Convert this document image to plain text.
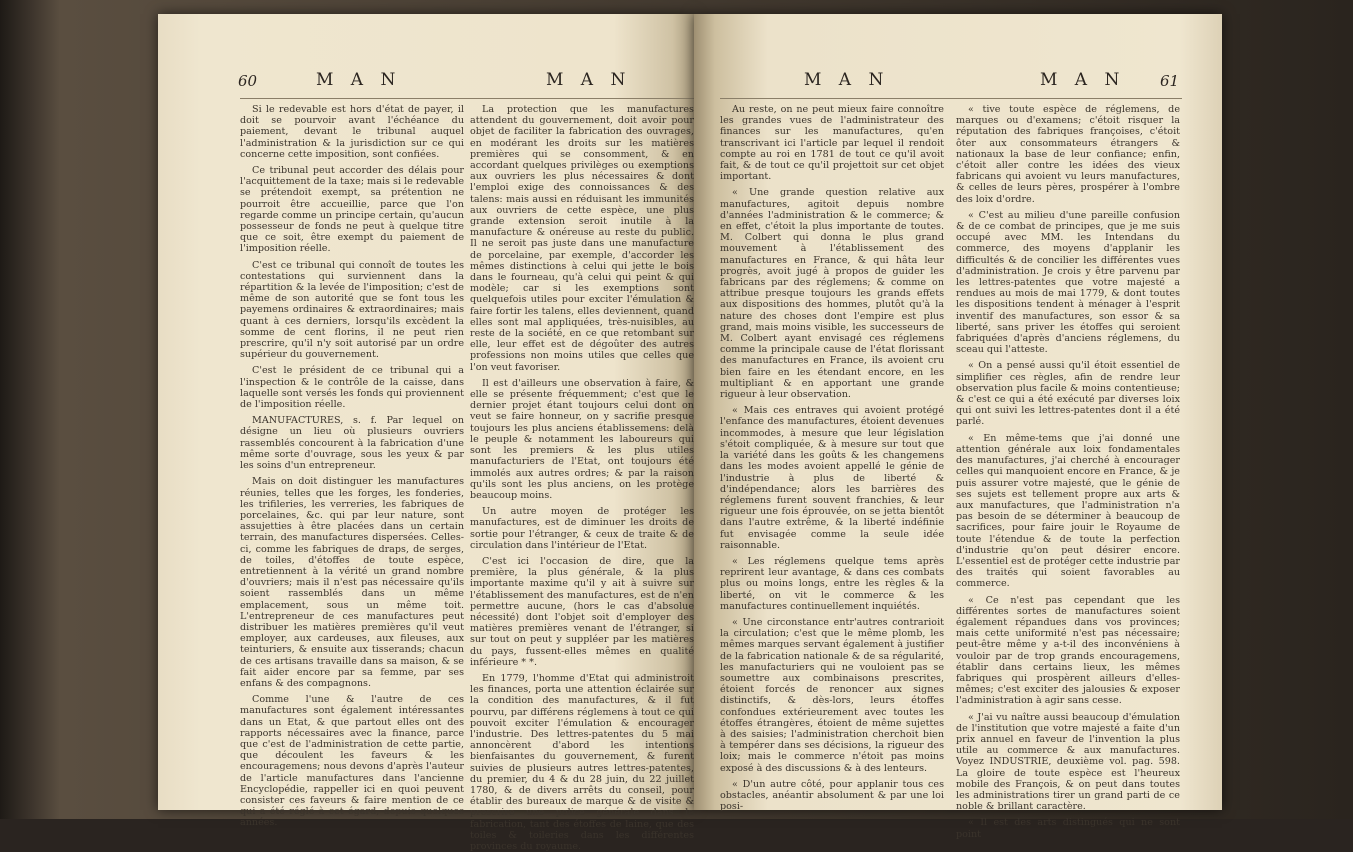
60	M A N	M A N

Si le redevable est hors d'état de payer, il doit se pourvoir avant l'échéance du paiement, devant le tribunal auquel l'administration & la jurisdiction sur ce qui concerne cette imposition, sont confiées.

Ce tribunal peut accorder des délais pour l'acquittement de la taxe; mais si le redevable se prétendoit exempt, sa prétention ne pourroit être accueillie, parce que l'on regarde comme un principe certain, qu'aucun possesseur de fonds ne peut à quelque titre que ce soit, être exempt du paiement de l'imposition réelle.

C'est ce tribunal qui connoît de toutes les contestations qui surviennent dans la répartition & la levée de l'imposition; c'est de même de son autorité que se font tous les payemens ordinaires & extraordinaires; mais quant à ces derniers, lorsqu'ils excèdent la somme de cent florins, il ne peut rien prescrire, qu'il n'y soit autorisé par un ordre supérieur du gouvernement.

C'est le président de ce tribunal qui a l'inspection & le contrôle de la caisse, dans laquelle sont versés les fonds qui proviennent de l'imposition réelle.

MANUFACTURES, s. f. Par lequel on désigne un lieu où plusieurs ouvriers rassemblés concourent à la fabrication d'une même sorte d'ouvrage, sous les yeux & par les soins d'un entrepreneur.

Mais on doit distinguer les manufactures réunies, telles que les forges, les fonderies, les trifileries, les verreries, les fabriques de porcelaines, &c. qui par leur nature, sont assujetties à être placées dans un certain terrain, des manufactures dispersées. Celles-ci, comme les fabriques de draps, de serges, de toiles, d'étoffes de toute espèce, entretiennent à la vérité un grand nombre d'ouvriers; mais il n'est pas nécessaire qu'ils soient rassemblés dans un même emplacement, sous un même toit. L'entrepreneur de ces manufactures peut distribuer les matières premières qu'il veut employer, aux cardeuses, aux fileuses, aux teinturiers, & ensuite aux tisserands; chacun de ces artisans travaille dans sa maison, & se fait aider encore par sa femme, par ses enfans & des compagnons.

Comme l'une & l'autre de ces manufactures sont également intéressantes dans un Etat, & que partout elles ont des rapports nécessaires avec la finance, parce que c'est de l'administration de cette partie, que découlent les faveurs & les encouragemens; nous devons d'après l'auteur de l'article manufactures dans l'ancienne Encyclopédie, rappeller ici en quoi peuvent consister ces faveurs & faire mention de ce qui a été réglé à cet égard, depuis quelques années.

La protection que les manufactures attendent du gouvernement, doit avoir pour objet de faciliter la fabrication des ouvrages, en modérant les droits sur les matières premières qui se consomment, & en accordant quelques privilèges ou exemptions aux ouvriers les plus nécessaires & dont l'emploi exige des connoissances & des talens: mais aussi en réduisant les immunités aux ouvriers de cette espèce, une plus grande extension seroit inutile à la manufacture & onéreuse au reste du public. Il ne seroit pas juste dans une manufacture de porcelaine, par exemple, d'accorder les mêmes distinctions à celui qui jette le bois dans le fourneau, qu'à celui qui peint & qui modèle; car si les exemptions sont quelquefois utiles pour exciter l'émulation & faire fortir les talens, elles deviennent, quand elles sont mal appliquées, très-nuisibles, au reste de la société, en ce que retombant sur elle, leur effet est de dégoûter des autres professions non moins utiles que celles que l'on veut favoriser.

Il est d'ailleurs une observation à faire, & elle se présente fréquemment; c'est que le dernier projet étant toujours celui dont on veut se faire honneur, on y sacrifie presque toujours les plus anciens établissemens: delà le peuple & notamment les laboureurs qui sont les premiers & les plus utiles manufacturiers de l'Etat, ont toujours été immolés aux autres ordres; & par la raison qu'ils sont les plus anciens, on les protège beaucoup moins.

Un autre moyen de protéger les manufactures, est de diminuer les droits de sortie pour l'étranger, & ceux de traite & de circulation dans l'intérieur de l'Etat.

C'est ici l'occasion de dire, que la première, la plus générale, & la plus importante maxime qu'il y ait à suivre sur l'établissement des manufactures, est de n'en permettre aucune, (hors le cas d'absolue nécessité) dont l'objet soit d'employer des matières premières venant de l'étranger, si sur tout on peut y suppléer par les matières du pays, fussent-elles mêmes en qualité inférieure * *.

En 1779, l'homme d'Etat qui administroit les finances, porta une attention éclairée sur la condition des manufactures, & il fut pourvu, par différens réglemens à tout ce qui pouvoit exciter l'émulation & encourager l'industrie. Des lettres-patentes du 5 mai annoncèrent d'abord les intentions bienfaisantes du gouvernement, & furent suivies de plusieurs autres lettres-patentes, du premier, du 4 & du 28 juin, du 22 juillet 1780, & de divers arrêts du conseil, pour établir des bureaux de marque & de visite & prescrire une police générale dans la fabrication, tant des étoffes de laine, que des toiles & toileries dans les différentes provinces du royaume.

M A N	M A N 61

Au reste, on ne peut mieux faire connoître les grandes vues de l'administrateur des finances sur les manufactures, qu'en transcrivant ici l'article par lequel il rendoit compte au roi en 1781 de tout ce qu'il avoit fait, & de tout ce qu'il projettoit sur cet objet important.

« Une grande question relative aux manufactures, agitoit depuis nombre d'années l'administration & le commerce; & en effet, c'étoit la plus importante de toutes. M. Colbert qui donna le plus grand mouvement à l'établissement des manufactures en France, & qui hâta leur progrès, avoit jugé à propos de guider les fabricans par des réglemens; & comme on attribue presque toujours les grands effets aux dispositions des hommes, plutôt qu'à la nature des choses dont l'empire est plus grand, mais moins visible, les successeurs de M. Colbert ayant envisagé ces réglemens comme la principale cause de l'état florissant des manufactures en France, ils avoient cru bien faire en les étendant encore, en les multipliant & en apportant une grande rigueur à leur observation.

« Mais ces entraves qui avoient protégé l'enfance des manufactures, étoient devenues incommodes, à mesure que leur législation s'étoit compliquée, & à mesure sur tout que la variété dans les goûts & les changemens dans les modes avoient appellé le génie de l'industrie à plus de liberté & d'indépendance; alors les barrières des réglemens furent souvent franchies, & leur rigueur une fois éprouvée, on se jetta bientôt dans l'autre extrême, & la liberté indéfinie fut envisagée comme la seule idée raisonnable.

« Les réglemens quelque tems après reprirent leur avantage, & dans ces combats plus ou moins longs, entre les règles & la liberté, on vit le commerce & les manufactures continuellement inquiétés.

« Une circonstance entr'autres contrarioit la circulation; c'est que le même plomb, les mêmes marques servant également à justifier de la fabrication nationale & de sa régularité, les manufacturiers qui ne vouloient pas se soumettre aux combinaisons prescrites, étoient forcés de renoncer aux signes distinctifs, & dès-lors, leurs étoffes confondues extérieurement avec toutes les étoffes étrangères, étoient de même sujettes à des saisies; l'administration cherchoit bien à tempérer dans ses décisions, la rigueur des loix; mais le commerce n'étoit pas moins exposé à des discussions & à des lenteurs.

« D'un autre côté, pour applanir tous ces obstacles, anéantir absolument & par une loi posi-

« tive toute espèce de réglemens, de marques ou d'examens; c'étoit risquer la réputation des fabriques françoises, c'étoit ôter aux consommateurs étrangers & nationaux la base de leur confiance; enfin, c'étoit aller contre les idées des vieux fabricans qui avoient vu leurs manufactures, & celles de leurs pères, prospérer à l'ombre des loix d'ordre.

« C'est au milieu d'une pareille confusion & de ce combat de principes, que je me suis occupé avec MM. les Intendans du commerce, des moyens d'applanir les difficultés & de concilier les différentes vues d'administration. Je crois y être parvenu par les lettres-patentes que votre majesté a rendues au mois de mai 1779, & dont toutes les dispositions tendent à ménager à l'esprit inventif des manufactures, son essor & sa liberté, sans priver les étoffes qui seroient fabriquées d'après d'anciens réglemens, du sceau qui l'atteste.

« On a pensé aussi qu'il étoit essentiel de simplifier ces règles, afin de rendre leur observation plus facile & moins contentieuse; & c'est ce qui a été exécuté par diverses loix qui ont suivi les lettres-patentes dont il a été parlé.

« En même-tems que j'ai donné une attention générale aux loix fondamentales des manufactures, j'ai cherché à encourager celles qui manquoient encore en France, & je puis assurer votre majesté, que le génie de ses sujets est tellement propre aux arts & aux manufactures, que l'administration n'a pas besoin de se déterminer à beaucoup de sacrifices, pour faire jouir le Royaume de toute l'étendue & de toute la perfection d'industrie qu'on peut désirer encore. L'essentiel est de protéger cette industrie par des traités qui soient favorables au commerce.

« Ce n'est pas cependant que les différentes sortes de manufactures soient également répandues dans vos provinces; mais cette uniformité n'est pas nécessaire; peut-être même y a-t-il des inconvéniens à vouloir par de trop grands encouragemens, établir dans certains lieux, les mêmes fabriques qui prospèrent ailleurs d'elles-mêmes; c'est exciter des jalousies & exposer l'administration à agir sans cesse.

« J'ai vu naître aussi beaucoup d'émulation de l'institution que votre majesté a faite d'un prix annuel en faveur de l'invention la plus utile au commerce & aux manufactures. Voyez INDUSTRIE, deuxième vol. pag. 598. La gloire de toute espèce est l'heureux mobile des François, & on peut dans toutes les administrations tirer un grand parti de ce noble & brillant caractère.

« Il est des arts distingués qui ne sont point
